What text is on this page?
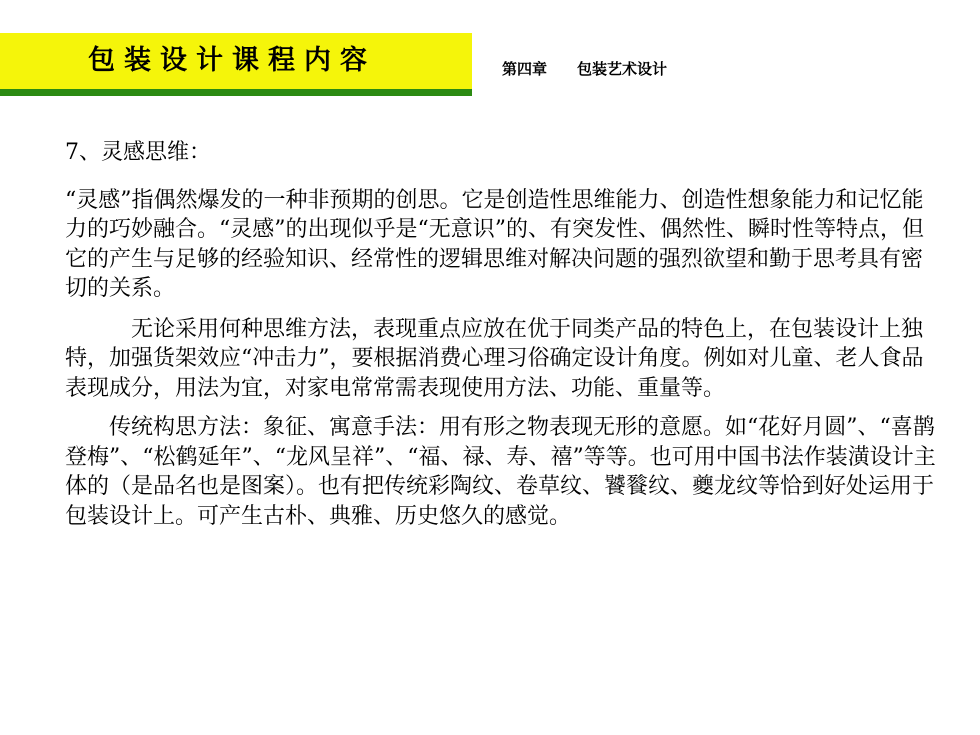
包装设计课程内容	第四章 包装艺术设计

7、灵感思维：

“灵感”指偶然爆发的一种非预期的创思。它是创造性思维能力、创造性想象能力和记忆能力的巧妙融合。“灵感”的出现似乎是“无意识”的、有突发性、偶然性、瞬时性等特点，但它的产生与足够的经验知识、经常性的逻辑思维对解决问题的强烈欲望和勤于思考具有密切的关系。

无论采用何种思维方法，表现重点应放在优于同类产品的特色上，在包装设计上独特，加强货架效应“冲击力”，要根据消费心理习俗确定设计角度。例如对儿童、老人食品表现成分，用法为宜，对家电常常需表现使用方法、功能、重量等。

传统构思方法：象征、寓意手法：用有形之物表现无形的意愿。如“花好月圆”、“喜鹊登梅”、“松鹤延年”、“龙风呈祥”、“福、禄、寿、禧”等等。也可用中国书法作装潢设计主体的（是品名也是图案）。也有把传统彩陶纹、卷草纹、饕餮纹、夔龙纹等恰到好处运用于包装设计上。可产生古朴、典雅、历史悠久的感觉。
